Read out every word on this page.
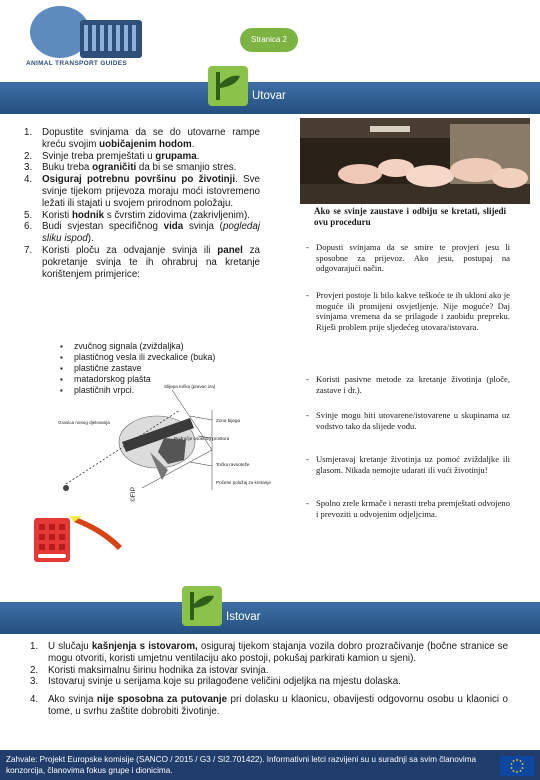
ANIMAL TRANSPORT GUIDES
Stranica 2
Utovar
1.	Dopustite svinjama da se do utovarne rampe kreću svojim uobičajenim hodom.
2.	Svinje treba premještati u grupama.
3.	Buku treba ograničiti da bi se smanjio stres.
4.	Osiguraj potrebnu površinu po životinji. Sve svinje tijekom prijevoza moraju moći istovremeno ležati ili stajati u svojem prirodnom položaju.
5.	Koristi hodnik s čvrstim zidovima (zakrivljenim).
6.	Budi svjestan specifičnog vida svinja (pogledaj sliku ispod).
7.	Koristi ploču za odvajanje svinja ili panel za pokretanje svinja te ih ohrabruj na kretanje korištenjem primjerice:
▪ zvučnog signala (zviždaljka)
▪ plastičnog vesla ili zveckalice (buka)
▪ plastične zastave
▪ matadorskog plašta
▪ plastičnih vrpci.	Slijepa točka (pravac iza)
Granica nosog djelovanja
Područje osobnog prostora
Zona bijega
Točka ravnoteže
Početni položaj za kretanje
©FIP
Ako se svinje zaustave i odbiju se kretati, slijedi ovu proceduru
- Dopusti svinjama da se smire te provjeri jesu li sposobne za prijevoz. Ako jesu, postupaj na odgovarajući način.
- Provjeri postoje li bilo kakve teškoće te ih ukloni ako je moguće ili promijeni osvjetljenje. Nije moguće? Daj svinjama vremena da se prilagode i zaobiđu prepreku. Riješi problem prije sljedećeg utovara/istovara.
- Koristi pasivne metode za kretanje životinja (ploče, zastave i dr.).
- Svinje mogu biti utovarene/istovarene u skupinama uz vodstvo tako da slijede vođu.
- Usmjeravaj kretanje životinja uz pomoć zviždaljke ili glasom. Nikada nemojte udarati ili vući životinju!
- Spolno zrele krmače i nerasti treba premještati odvojeno i prevoziti u odvojenim odjeljcima.
Istovar
1.	U slučaju kašnjenja s istovarom, osiguraj tijekom stajanja vozila dobro prozračivanje (bočne stranice se mogu otvoriti, koristi umjetnu ventilaciju ako postoji, pokušaj parkirati kamion u sjeni).
2.	Koristi maksimalnu širinu hodnika za istovar svinja.
3.	Istovaruj svinje u serijama koje su prilagođene veličini odjeljka na mjestu dolaska.
4.	Ako svinja nije sposobna za putovanje pri dolasku u klaonicu, obavijesti odgovornu osobu u klaonici o tome, u svrhu zaštite dobrobiti životinje.
Zahvale: Projekt Europske komisije (SANCO / 2015 / G3 / SI2.701422). Informativni letci razvijeni su u suradnji sa svim članovima konzorcija, članovima fokus grupe i dionicima.
